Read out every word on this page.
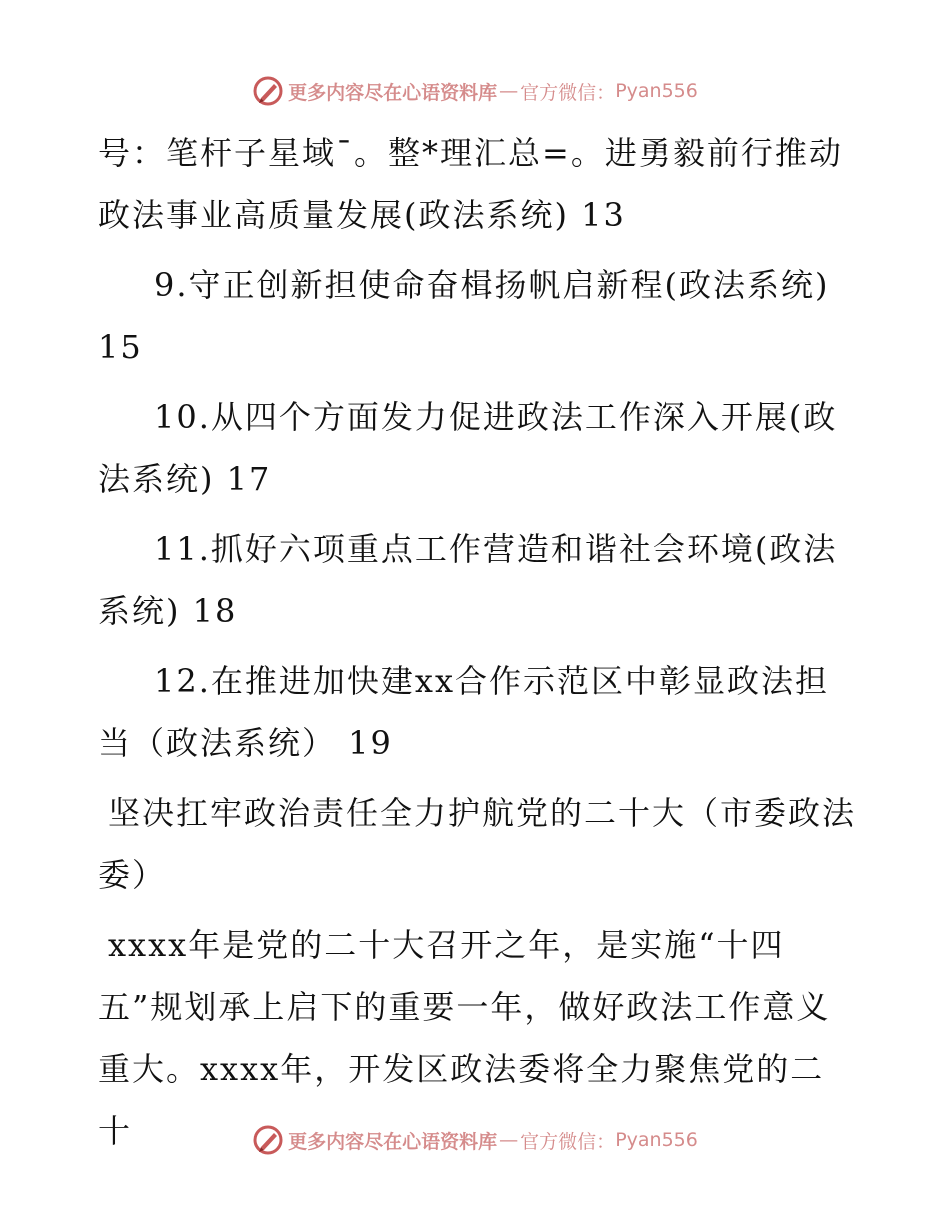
更多内容尽在心语资料库 — 官方微信： Pyan556

号：笔杆子星域¯。整*理汇总=。进勇毅前行推动政法事业高质量发展(政法系统) 13

9.守正创新担使命奋楫扬帆启新程(政法系统) 15

10.从四个方面发力促进政法工作深入开展(政法系统) 17

11.抓好六项重点工作营造和谐社会环境(政法系统) 18

12.在推进加快建xx合作示范区中彰显政法担当（政法系统） 19

坚决扛牢政治责任全力护航党的二十大（市委政法委）

xxxx年是党的二十大召开之年，是实施“十四五”规划承上启下的重要一年，做好政法工作意义重大。xxxx年，开发区政法委将全力聚焦党的二十	更多内容尽在心语资料库 — 官方微信： Pyan556
